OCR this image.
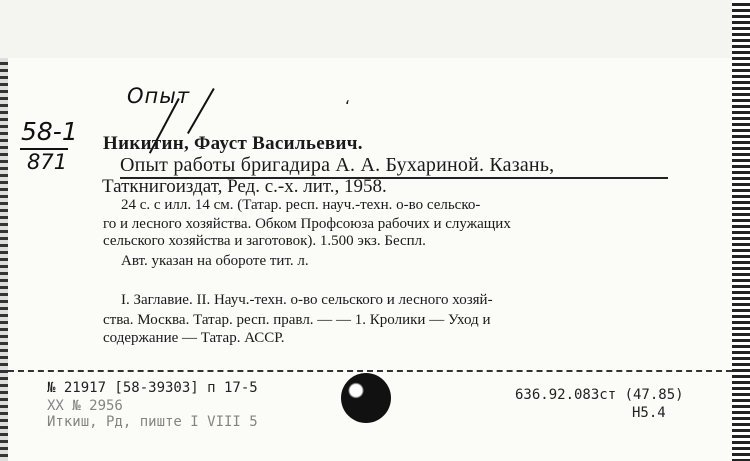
Опыт
58-1
871
ʻ
Никитин, Фауст Васильевич.
Опыт работы бригадира А. А. Бухариной. Казань,
Таткнигоиздат, Ред. с.-х. лит., 1958.
24 с. с илл. 14 см. (Татар. респ. науч.-техн. о-во сельско-
го и лесного хозяйства. Обком Профсоюза рабочих и служащих
сельского хозяйства и заготовок). 1.500 экз. Беспл.
Авт. указан на обороте тит. л.
I. Заглавие. II. Науч.-техн. о-во сельского и лесного хозяй-
ства. Москва. Татар. респ. правл. — — 1. Кролики — Уход и
содержание — Татар. АССР.
№ 21917 [58-39303] п 17-5
XX № 2956
Иткиш, Рд, пиште I VIII 5
636.92.083ст (47.85)
Н5.4
